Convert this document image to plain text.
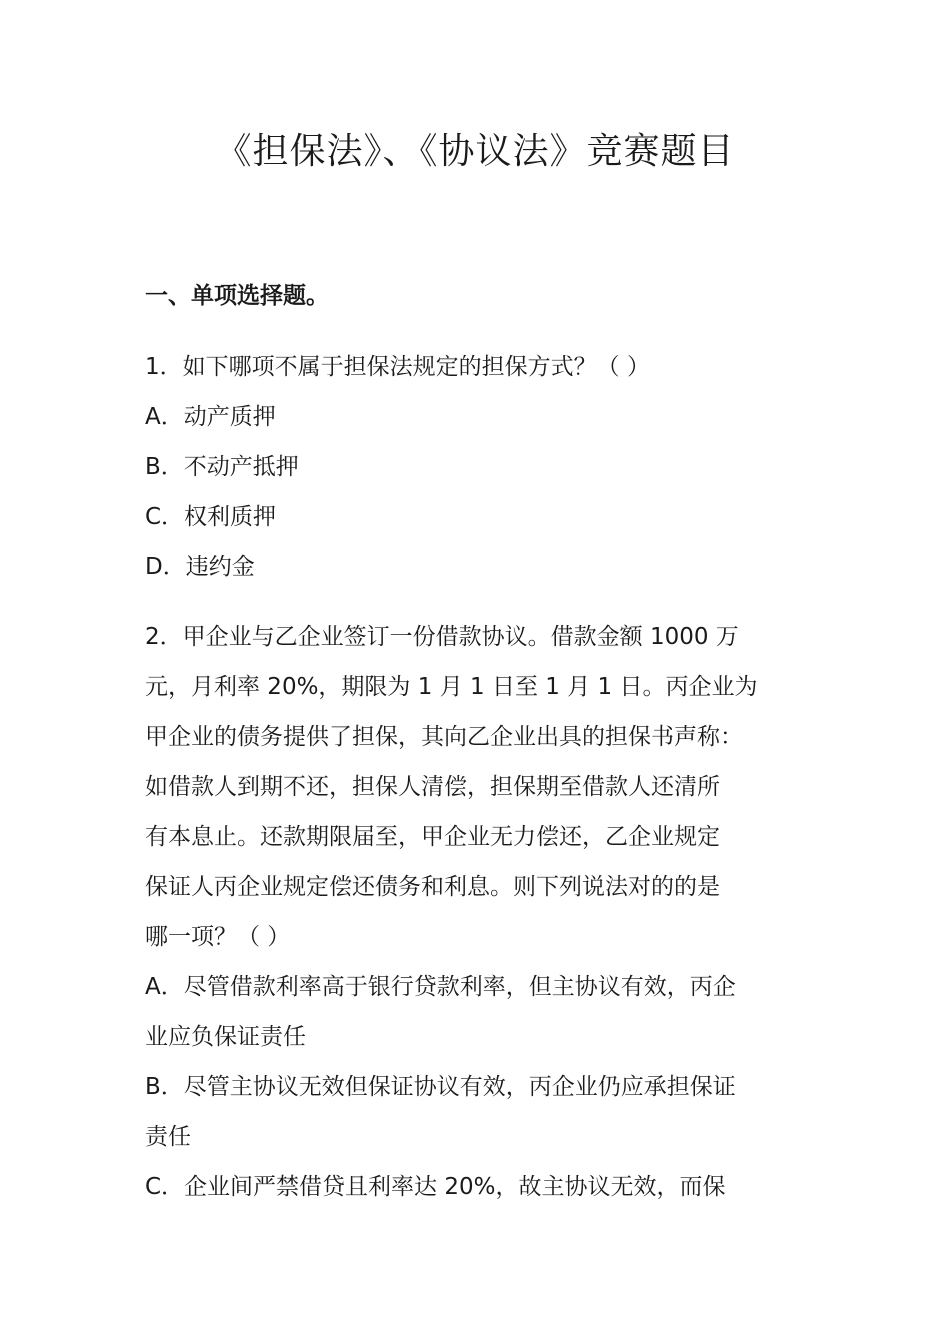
《担保法》、《协议法》竞赛题目
一、单项选择题。
1．如下哪项不属于担保法规定的担保方式？（ ）
A．动产质押
B．不动产抵押
C．权利质押
D．违约金
2．甲企业与乙企业签订一份借款协议。借款金额 1000 万
元，月利率 20%，期限为 1 月 1 日至 1 月 1 日。丙企业为
甲企业的债务提供了担保，其向乙企业出具的担保书声称：
如借款人到期不还，担保人清偿，担保期至借款人还清所
有本息止。还款期限届至，甲企业无力偿还，乙企业规定
保证人丙企业规定偿还债务和利息。则下列说法对的的是
哪一项？（ ）
A．尽管借款利率高于银行贷款利率，但主协议有效，丙企
业应负保证责任
B．尽管主协议无效但保证协议有效，丙企业仍应承担保证
责任
C．企业间严禁借贷且利率达 20%，故主协议无效，而保
